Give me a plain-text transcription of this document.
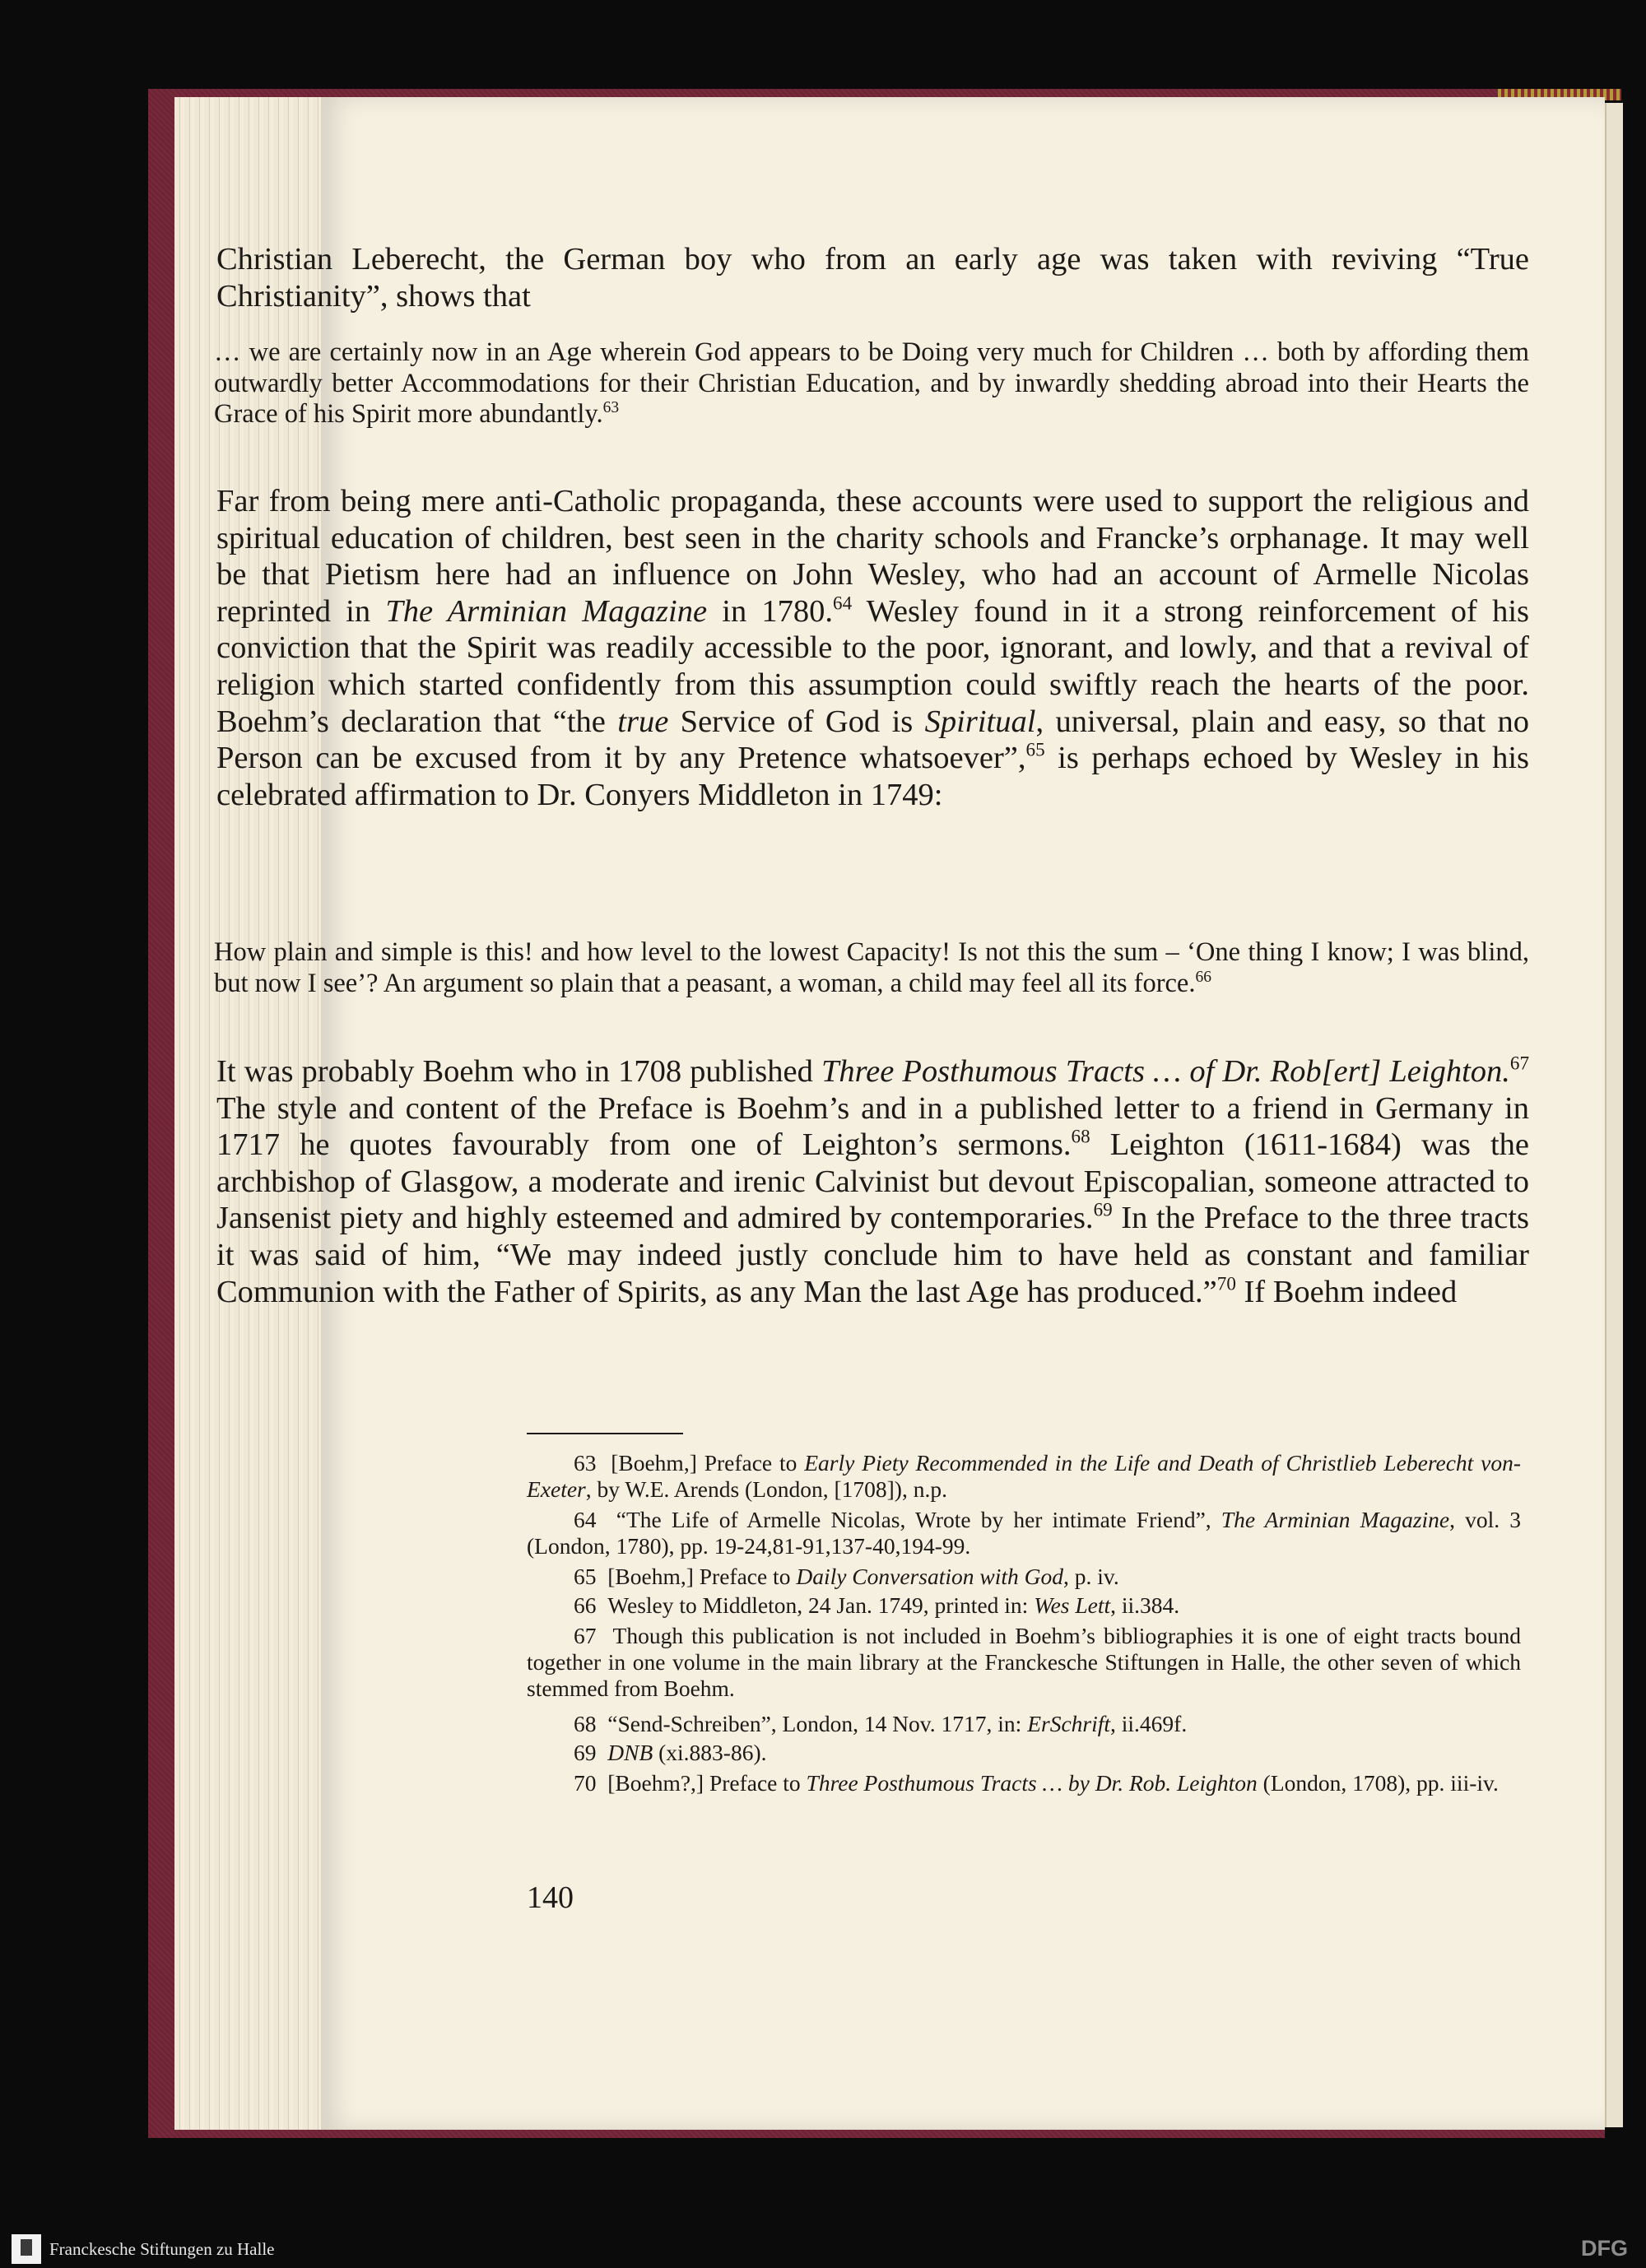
Christian Leberecht, the German boy who from an early age was taken with reviving “True Christianity”, shows that

… we are certainly now in an Age wherein God appears to be Doing very much for Children … both by affording them outwardly better Accommodations for their Christian Education, and by inwardly shedding abroad into their Hearts the Grace of his Spirit more abundantly.$^{63}$

Far from being mere anti-Catholic propaganda, these accounts were used to support the religious and spiritual education of children, best seen in the charity schools and Francke’s orphanage. It may well be that Pietism here had an influence on John Wesley, who had an account of Armelle Nicolas reprinted in The Arminian Magazine in 1780.64 Wesley found in it a strong reinforcement of his conviction that the Spirit was readily accessible to the poor, ignorant, and lowly, and that a revival of religion which started confidently from this assumption could swiftly reach the hearts of the poor. Boehm’s declaration that “the true Service of God is Spiritual, universal, plain and easy, so that no Person can be excused from it by any Pretence whatsoever”,$^{65}$ is perhaps echoed by Wesley in his celebrated affirmation to Dr. Conyers Middleton in 1749:

How plain and simple is this! and how level to the lowest Capacity! Is not this the sum – ‘One thing I know; I was blind, but now I see’? An argument so plain that a peasant, a woman, a child may feel all its force.$^{66}$

It was probably Boehm who in 1708 published Three Posthumous Tracts … of Dr. Rob[ert] Leighton.$^{67}$ The style and content of the Preface is Boehm’s and in a published letter to a friend in Germany in 1717 he quotes favourably from one of Leighton’s sermons.$^{68}$ Leighton (1611-1684) was the archbishop of Glasgow, a moderate and irenic Calvinist but devout Episcopalian, someone attracted to Jansenist piety and highly esteemed and admired by contemporaries.$^{69}$ In the Preface to the three tracts it was said of him, “We may indeed justly conclude him to have held as constant and familiar Communion with the Father of Spirits, as any Man the last Age has produced.”$^{70}$ If Boehm indeed

63 [Boehm,] Preface to Early Piety Recommended in the Life and Death of Christlieb Leberecht von-Exeter, by W.E. Arends (London, [1708]), n.p.

64 “The Life of Armelle Nicolas, Wrote by her intimate Friend”, The Arminian Magazine, vol. 3 (London, 1780), pp. 19-24,81-91,137-40,194-99.

65 [Boehm,] Preface to Daily Conversation with God, p. iv.

66 Wesley to Middleton, 24 Jan. 1749, printed in: Wes Lett, ii.384.

67 Though this publication is not included in Boehm’s bibliographies it is one of eight tracts bound together in one volume in the main library at the Franckesche Stiftungen in Halle, the other seven of which stemmed from Boehm.

68 “Send-Schreiben”, London, 14 Nov. 1717, in: ErSchrift, ii.469f.

69 DNB (xi.883-86).

70 [Boehm?,] Preface to Three Posthumous Tracts … by Dr. Rob. Leighton (London, 1708), pp. iii-iv.

140
Franckesche Stiftungen zu Halle	DFG
